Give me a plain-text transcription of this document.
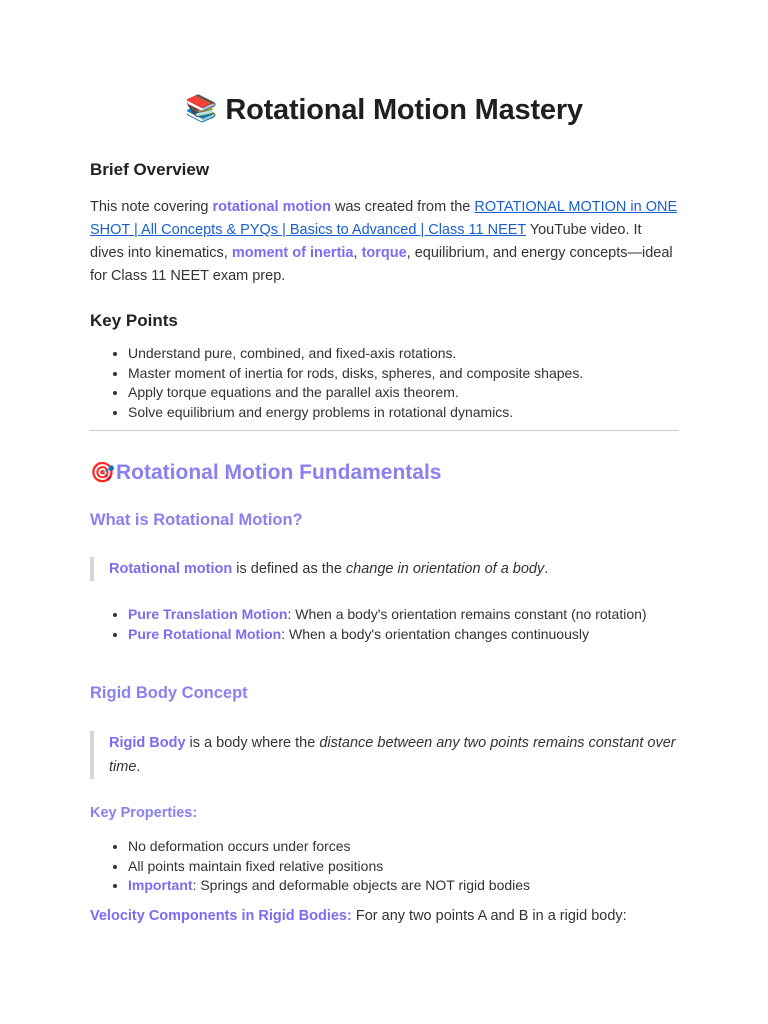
📚 Rotational Motion Mastery
Brief Overview
This note covering rotational motion was created from the ROTATIONAL MOTION in ONE SHOT | All Concepts & PYQs | Basics to Advanced | Class 11 NEET YouTube video. It dives into kinematics, moment of inertia, torque, equilibrium, and energy concepts—ideal for Class 11 NEET exam prep.
Key Points
• Understand pure, combined, and fixed-axis rotations.
• Master moment of inertia for rods, disks, spheres, and composite shapes.
• Apply torque equations and the parallel axis theorem.
• Solve equilibrium and energy problems in rotational dynamics.
🎯Rotational Motion Fundamentals
What is Rotational Motion?
Rotational motion is defined as the change in orientation of a body.
• Pure Translation Motion: When a body's orientation remains constant (no rotation)
• Pure Rotational Motion: When a body's orientation changes continuously
Rigid Body Concept
Rigid Body is a body where the distance between any two points remains constant over time.
Key Properties:
• No deformation occurs under forces
• All points maintain fixed relative positions
• Important: Springs and deformable objects are NOT rigid bodies
Velocity Components in Rigid Bodies: For any two points A and B in a rigid body:
